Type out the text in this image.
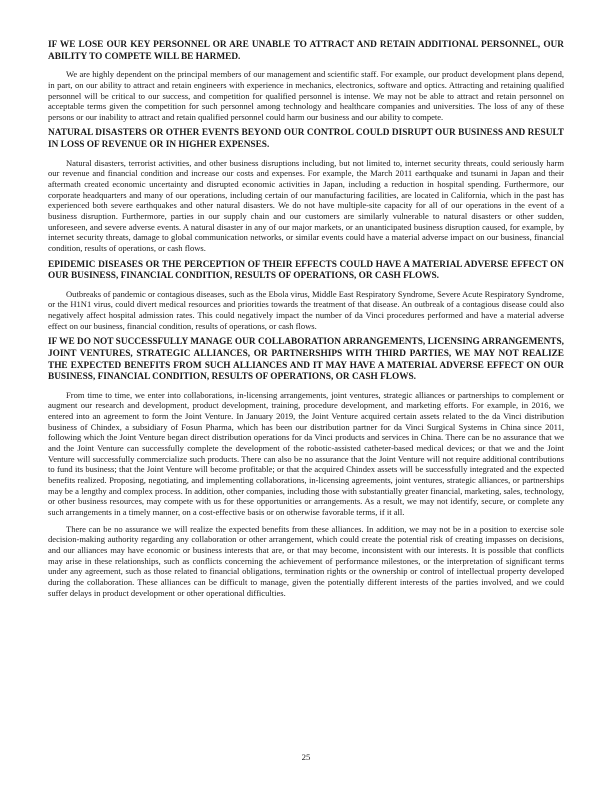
IF WE LOSE OUR KEY PERSONNEL OR ARE UNABLE TO ATTRACT AND RETAIN ADDITIONAL PERSONNEL, OUR ABILITY TO COMPETE WILL BE HARMED.

We are highly dependent on the principal members of our management and scientific staff. For example, our product development plans depend, in part, on our ability to attract and retain engineers with experience in mechanics, electronics, software and optics. Attracting and retaining qualified personnel will be critical to our success, and competition for qualified personnel is intense. We may not be able to attract and retain personnel on acceptable terms given the competition for such personnel among technology and healthcare companies and universities. The loss of any of these persons or our inability to attract and retain qualified personnel could harm our business and our ability to compete.

NATURAL DISASTERS OR OTHER EVENTS BEYOND OUR CONTROL COULD DISRUPT OUR BUSINESS AND RESULT IN LOSS OF REVENUE OR IN HIGHER EXPENSES.

Natural disasters, terrorist activities, and other business disruptions including, but not limited to, internet security threats, could seriously harm our revenue and financial condition and increase our costs and expenses. For example, the March 2011 earthquake and tsunami in Japan and their aftermath created economic uncertainty and disrupted economic activities in Japan, including a reduction in hospital spending. Furthermore, our corporate headquarters and many of our operations, including certain of our manufacturing facilities, are located in California, which in the past has experienced both severe earthquakes and other natural disasters. We do not have multiple-site capacity for all of our operations in the event of a business disruption. Furthermore, parties in our supply chain and our customers are similarly vulnerable to natural disasters or other sudden, unforeseen, and severe adverse events. A natural disaster in any of our major markets, or an unanticipated business disruption caused, for example, by internet security threats, damage to global communication networks, or similar events could have a material adverse impact on our business, financial condition, results of operations, or cash flows.

EPIDEMIC DISEASES OR THE PERCEPTION OF THEIR EFFECTS COULD HAVE A MATERIAL ADVERSE EFFECT ON OUR BUSINESS, FINANCIAL CONDITION, RESULTS OF OPERATIONS, OR CASH FLOWS.

Outbreaks of pandemic or contagious diseases, such as the Ebola virus, Middle East Respiratory Syndrome, Severe Acute Respiratory Syndrome, or the H1N1 virus, could divert medical resources and priorities towards the treatment of that disease. An outbreak of a contagious disease could also negatively affect hospital admission rates. This could negatively impact the number of da Vinci procedures performed and have a material adverse effect on our business, financial condition, results of operations, or cash flows.

IF WE DO NOT SUCCESSFULLY MANAGE OUR COLLABORATION ARRANGEMENTS, LICENSING ARRANGEMENTS, JOINT VENTURES, STRATEGIC ALLIANCES, OR PARTNERSHIPS WITH THIRD PARTIES, WE MAY NOT REALIZE THE EXPECTED BENEFITS FROM SUCH ALLIANCES AND IT MAY HAVE A MATERIAL ADVERSE EFFECT ON OUR BUSINESS, FINANCIAL CONDITION, RESULTS OF OPERATIONS, OR CASH FLOWS.

From time to time, we enter into collaborations, in-licensing arrangements, joint ventures, strategic alliances or partnerships to complement or augment our research and development, product development, training, procedure development, and marketing efforts. For example, in 2016, we entered into an agreement to form the Joint Venture. In January 2019, the Joint Venture acquired certain assets related to the da Vinci distribution business of Chindex, a subsidiary of Fosun Pharma, which has been our distribution partner for da Vinci Surgical Systems in China since 2011, following which the Joint Venture began direct distribution operations for da Vinci products and services in China. There can be no assurance that we and the Joint Venture can successfully complete the development of the robotic-assisted catheter-based medical devices; or that we and the Joint Venture will successfully commercialize such products. There can also be no assurance that the Joint Venture will not require additional contributions to fund its business; that the Joint Venture will become profitable; or that the acquired Chindex assets will be successfully integrated and the expected benefits realized. Proposing, negotiating, and implementing collaborations, in-licensing agreements, joint ventures, strategic alliances, or partnerships may be a lengthy and complex process. In addition, other companies, including those with substantially greater financial, marketing, sales, technology, or other business resources, may compete with us for these opportunities or arrangements. As a result, we may not identify, secure, or complete any such arrangements in a timely manner, on a cost-effective basis or on otherwise favorable terms, if it all.

There can be no assurance we will realize the expected benefits from these alliances. In addition, we may not be in a position to exercise sole decision-making authority regarding any collaboration or other arrangement, which could create the potential risk of creating impasses on decisions, and our alliances may have economic or business interests that are, or that may become, inconsistent with our interests. It is possible that conflicts may arise in these relationships, such as conflicts concerning the achievement of performance milestones, or the interpretation of significant terms under any agreement, such as those related to financial obligations, termination rights or the ownership or control of intellectual property developed during the collaboration. These alliances can be difficult to manage, given the potentially different interests of the parties involved, and we could suffer delays in product development or other operational difficulties.

25
